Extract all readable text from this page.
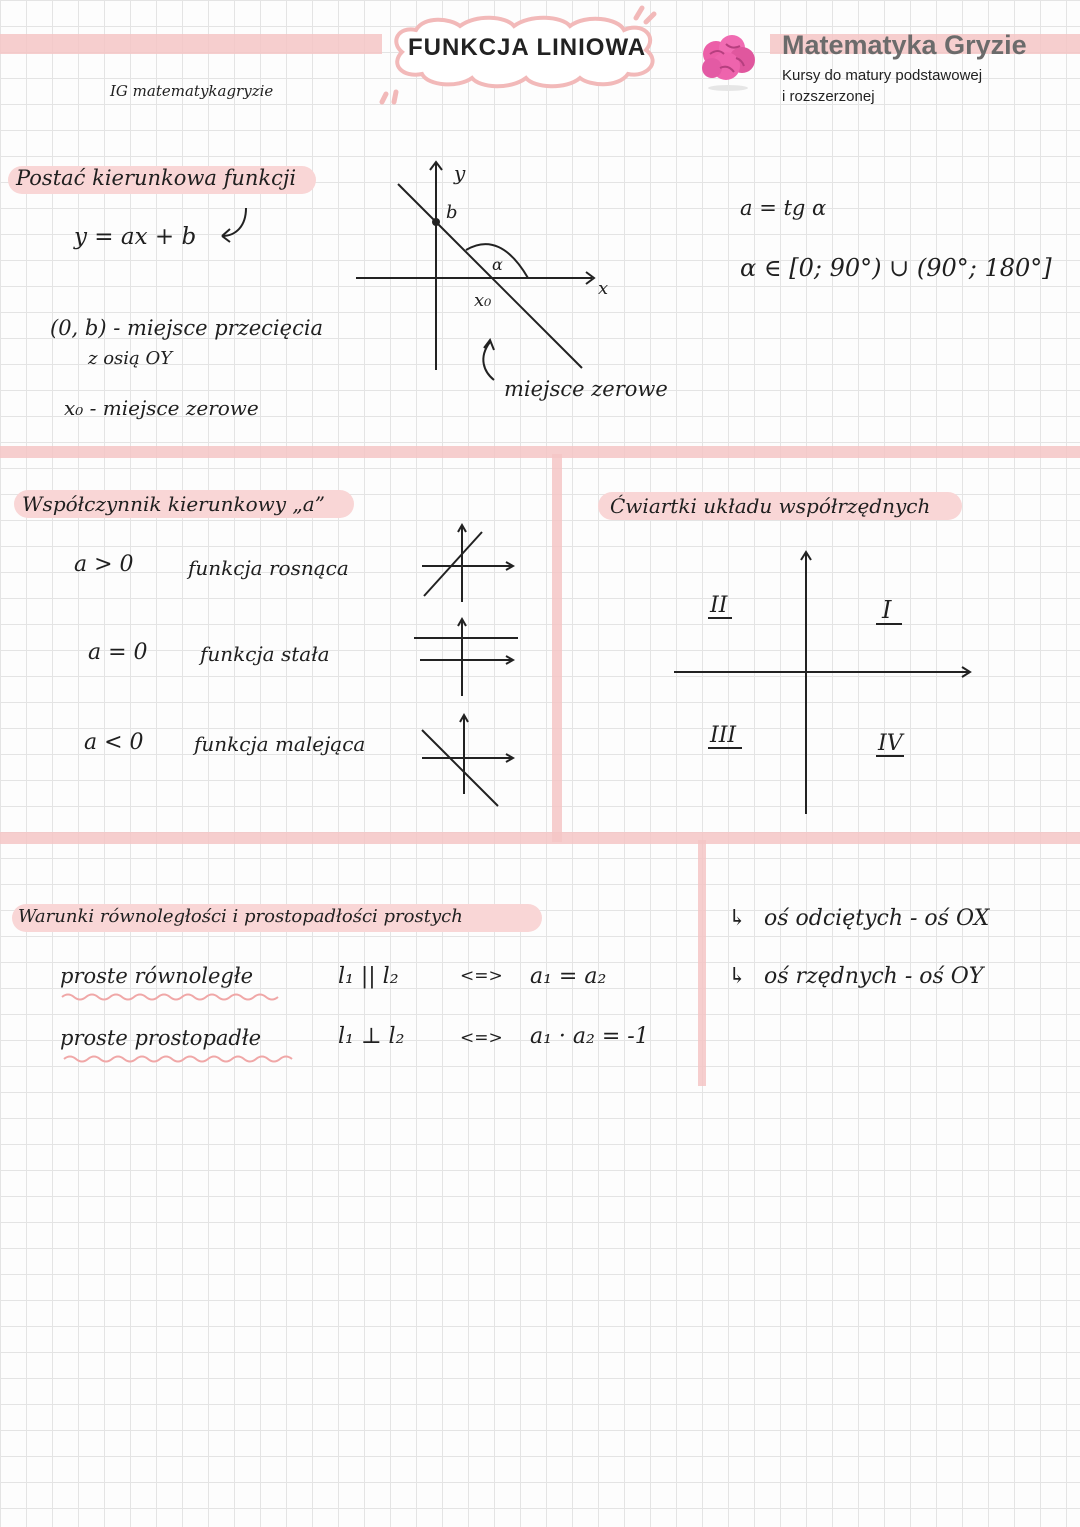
FUNKCJA LINIOWA
IG matematykagryzie
Matematyka Gryzie
Kursy do matury podstawowej
i rozszerzonej
Postać kierunkowa funkcji
y = ax + b
(0, b) - miejsce przecięcia
z osią OY
x₀ - miejsce zerowe
y
x
b
α
x₀
miejsce zerowe
a = tg α
α ∈ [0; 90°) ∪ (90°; 180°]
Współczynnik kierunkowy „a”
a > 0	funkcja rosnąca
a = 0	funkcja stała
a < 0	funkcja malejąca
Ćwiartki układu współrzędnych
I
II
III	IV
Warunki równoległości i prostopadłości prostych
proste równoległe	l₁ || l₂	<=> a₁ = a₂
proste prostopadłe	l₁ ⊥ l₂	<=> a₁ · a₂ = -1
↳ oś odciętych - oś OX
↳ oś rzędnych - oś OY
